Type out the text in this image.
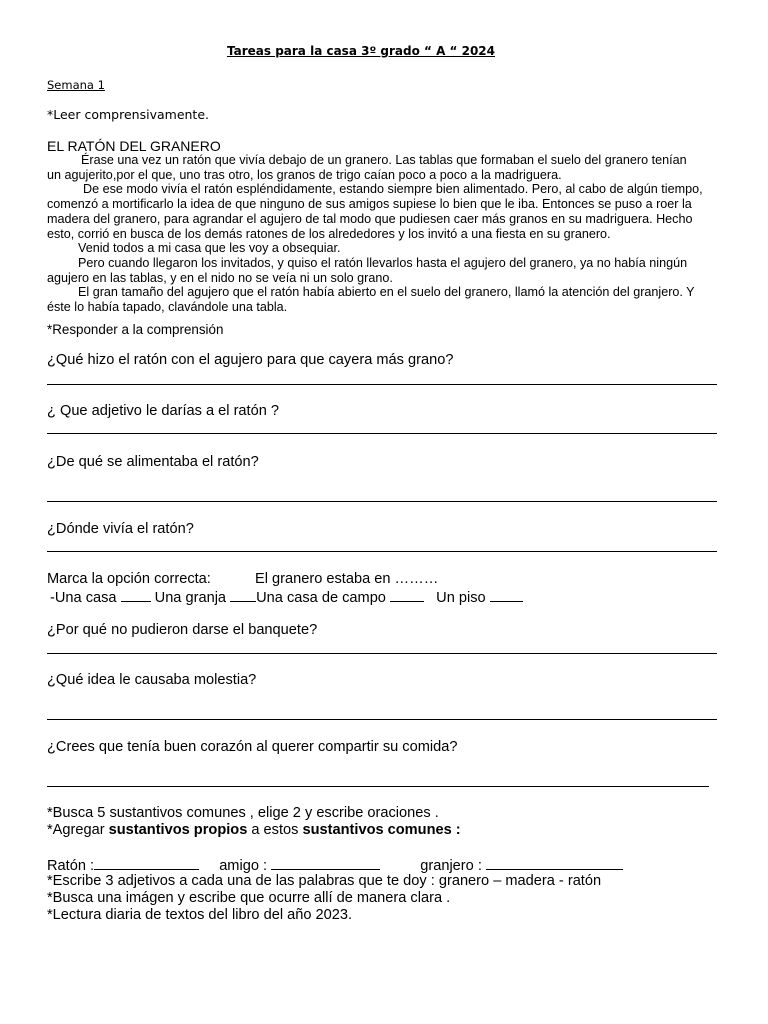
Tareas para la casa 3º grado “ A “ 2024
Semana 1
*Leer comprensivamente.
EL RATÓN DEL GRANERO

Érase una vez un ratón que vivía debajo de un granero. Las tablas que formaban el suelo del granero tenían

un agujerito,por el que, uno tras otro, los granos de trigo caían poco a poco a la madriguera.

De ese modo vivía el ratón espléndidamente, estando siempre bien alimentado. Pero, al cabo de algún tiempo,

comenzó a mortificarlo la idea de que ninguno de sus amigos supiese lo bien que le iba. Entonces se puso a roer la

madera del granero, para agrandar el agujero de tal modo que pudiesen caer más granos en su madriguera. Hecho

esto, corrió en busca de los demás ratones de los alrededores y los invitó a una fiesta en su granero.

Venid todos a mi casa que les voy a obsequiar.

Pero cuando llegaron los invitados, y quiso el ratón llevarlos hasta el agujero del granero, ya no había ningún

agujero en las tablas, y en el nido no se veía ni un solo grano.

El gran tamaño del agujero que el ratón había abierto en el suelo del granero, llamó la atención del granjero. Y

éste lo había tapado, clavándole una tabla.

*Responder a la comprensión
¿Qué hizo el ratón con el agujero para que cayera más grano?
¿ Que adjetivo le darías a el ratón ?
¿De qué se alimentaba el ratón?
¿Dónde vivía el ratón?
Marca la opción correcta:	El granero estaba en ………
-Una casa	Una granja Una casa de campo	Un piso
¿Por qué no pudieron darse el banquete?
¿Qué idea le causaba molestia?
¿Crees que tenía buen corazón al querer compartir su comida?
*Busca 5 sustantivos comunes , elige 2 y escribe oraciones .
*Agregar sustantivos propios a estos sustantivos comunes :
Ratón :	amigo :	granjero :
*Escribe 3 adjetivos a cada una de las palabras que te doy : granero – madera - ratón
*Busca una imágen y escribe que ocurre allí de manera clara .
*Lectura diaria de textos del libro del año 2023.
